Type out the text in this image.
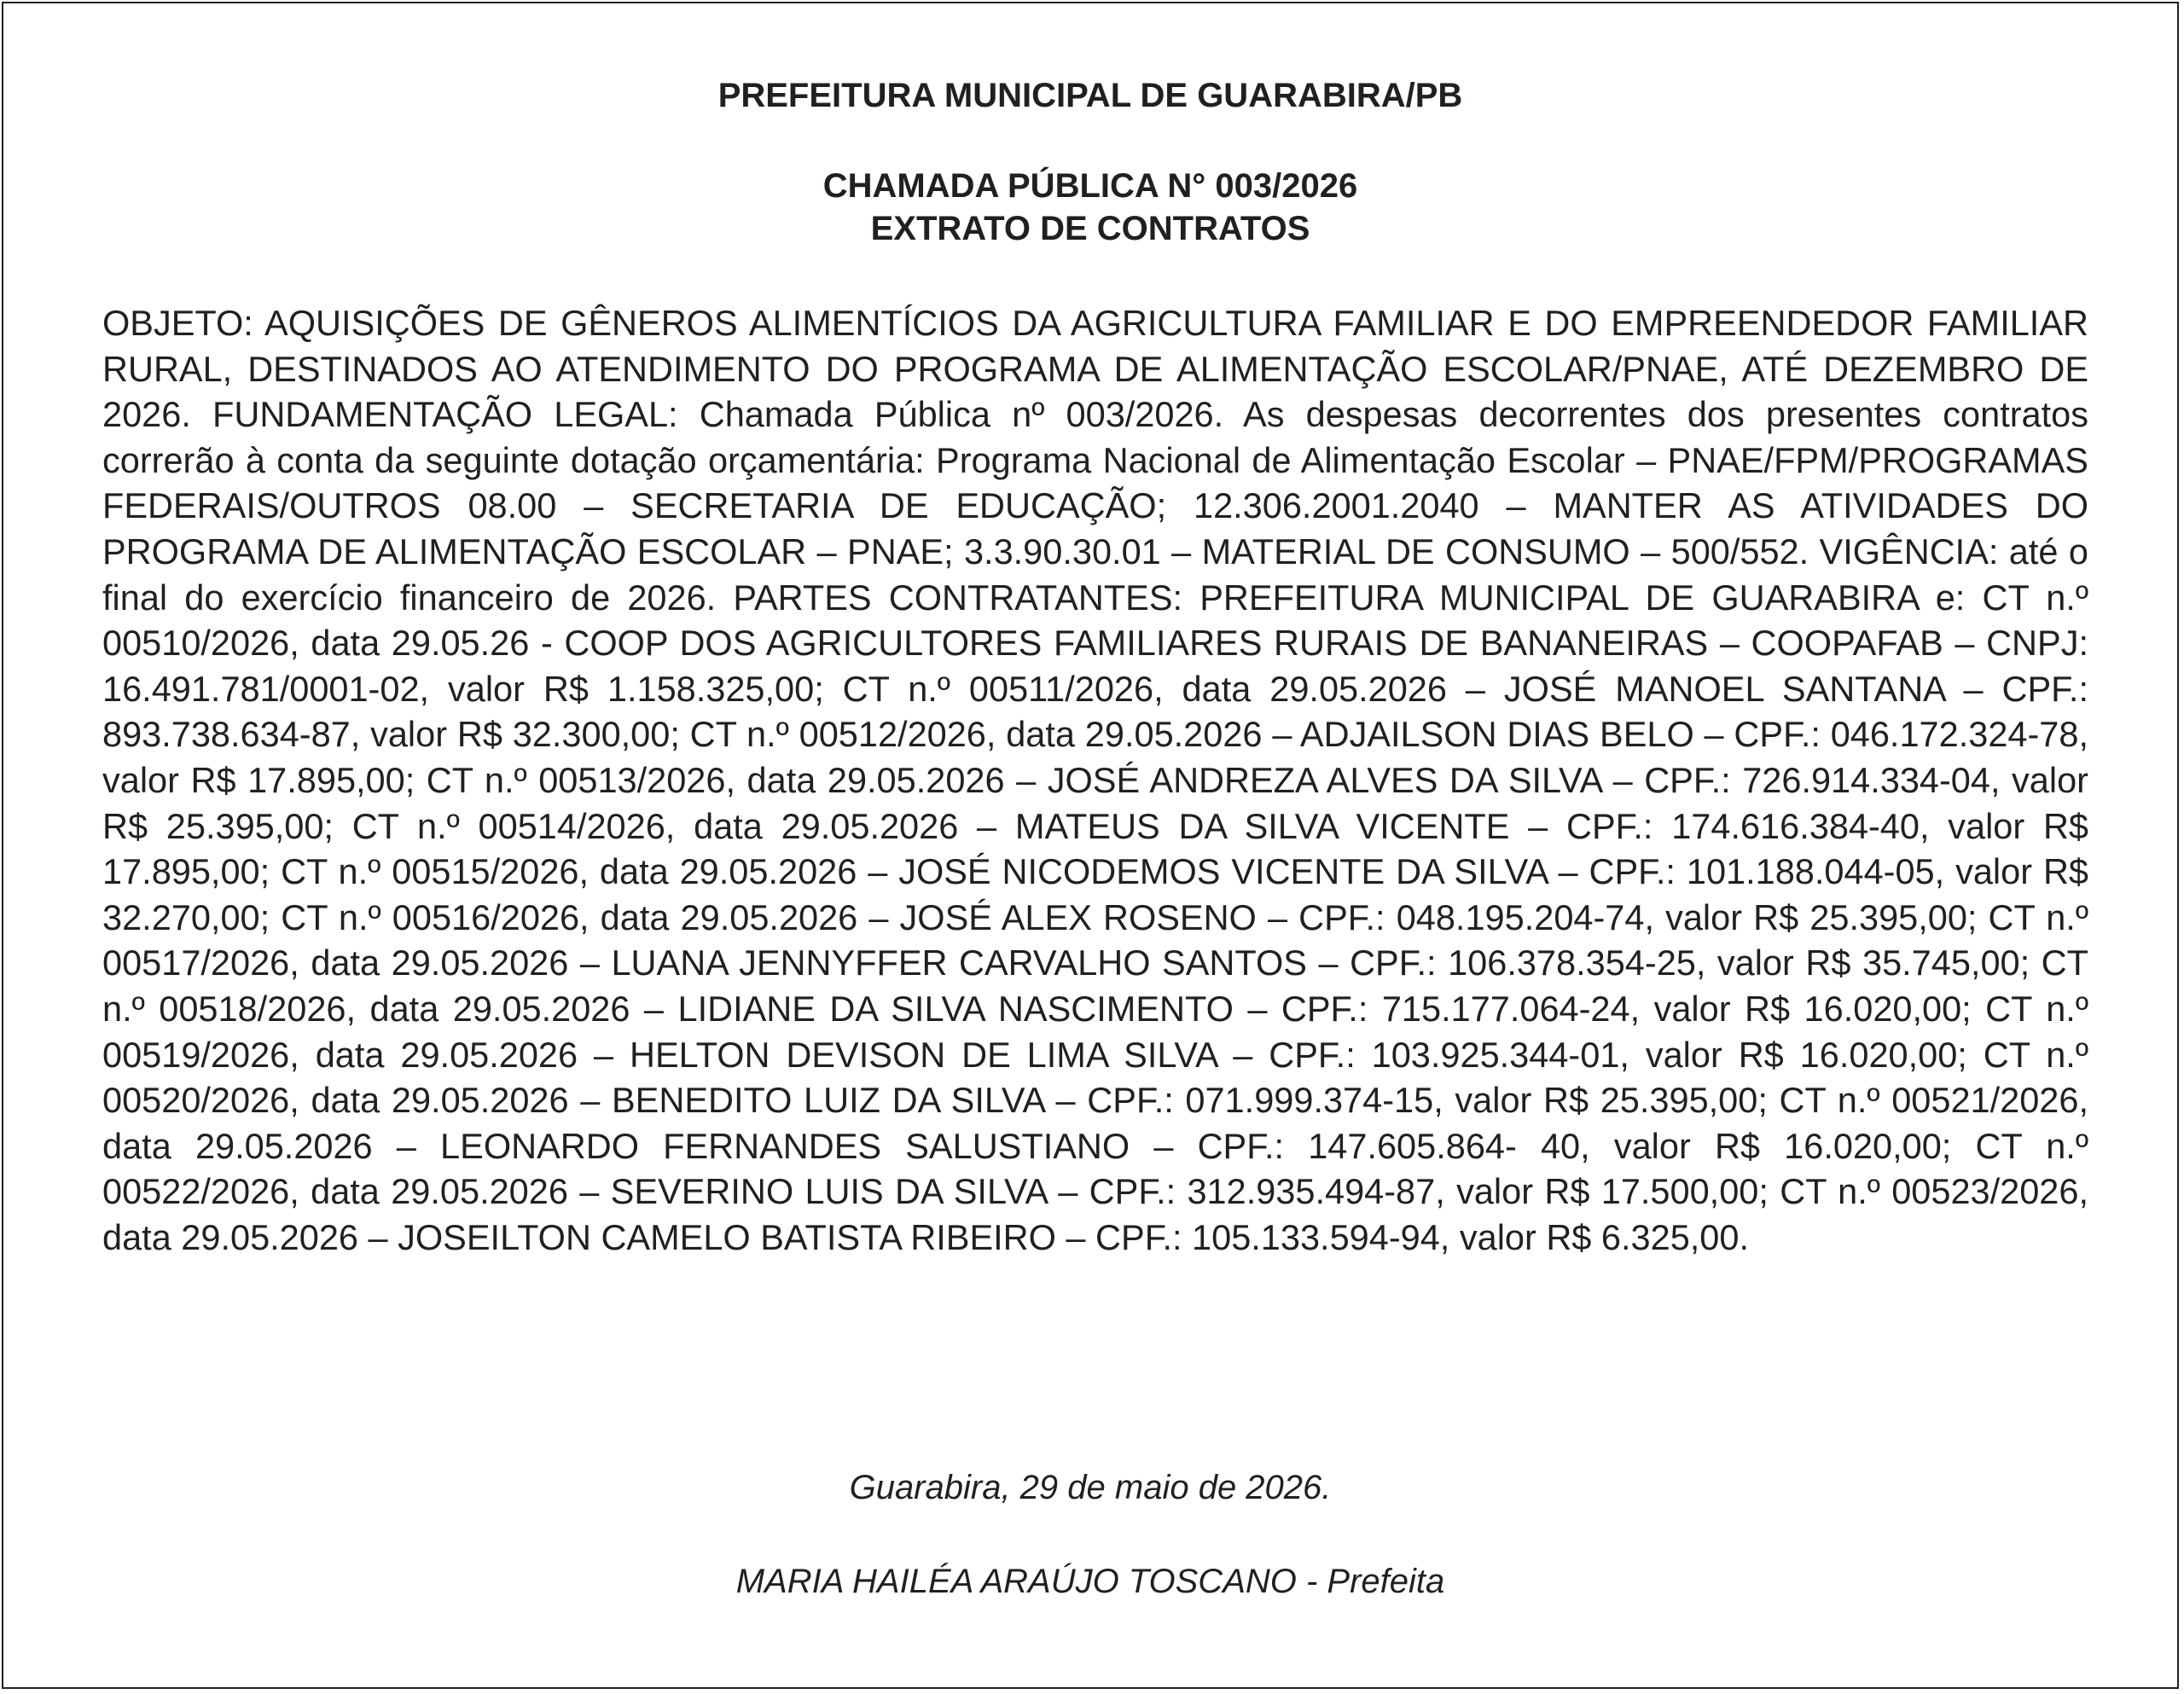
PREFEITURA MUNICIPAL DE GUARABIRA/PB
CHAMADA PÚBLICA N° 003/2026
EXTRATO DE CONTRATOS

OBJETO: AQUISIÇÕES DE GÊNEROS ALIMENTÍCIOS DA AGRICULTURA FAMILIAR E DO EMPREENDEDOR FAMILIAR RURAL, DESTINADOS AO ATENDIMENTO DO PROGRAMA DE ALIMENTAÇÃO ESCOLAR/PNAE, ATÉ DEZEMBRO DE 2026. FUNDAMENTAÇÃO LEGAL: Chamada Pública nº 003/2026. As despesas decorrentes dos presentes contratos correrão à conta da seguinte dotação orçamentária: Programa Nacional de Alimentação Escolar – PNAE/FPM/PROGRAMAS FEDERAIS/OUTROS 08.00 – SECRETARIA DE EDUCAÇÃO; 12.306.2001.2040 – MANTER AS ATIVIDADES DO PROGRAMA DE ALIMENTAÇÃO ESCOLAR – PNAE; 3.3.90.30.01 – MATERIAL DE CONSUMO – 500/552. VIGÊNCIA: até o final do exercício financeiro de 2026. PARTES CONTRATANTES: PREFEITURA MUNICIPAL DE GUARABIRA e: CT n.º 00510/2026, data 29.05.26 - COOP DOS AGRICULTORES FAMILIARES RURAIS DE BANANEIRAS – COOPAFAB – CNPJ: 16.491.781/0001-02, valor R$ 1.158.325,00; CT n.º 00511/2026, data 29.05.2026 – JOSÉ MANOEL SANTANA – CPF.: 893.738.634-87, valor R$ 32.300,00; CT n.º 00512/2026, data 29.05.2026 – ADJAILSON DIAS BELO – CPF.: 046.172.324-78, valor R$ 17.895,00; CT n.º 00513/2026, data 29.05.2026 – JOSÉ ANDREZA ALVES DA SILVA – CPF.: 726.914.334-04, valor R$ 25.395,00; CT n.º 00514/2026, data 29.05.2026 – MATEUS DA SILVA VICENTE – CPF.: 174.616.384-40, valor R$ 17.895,00; CT n.º 00515/2026, data 29.05.2026 – JOSÉ NICODEMOS VICENTE DA SILVA – CPF.: 101.188.044-05, valor R$ 32.270,00; CT n.º 00516/2026, data 29.05.2026 – JOSÉ ALEX ROSENO – CPF.: 048.195.204-74, valor R$ 25.395,00; CT n.º 00517/2026, data 29.05.2026 – LUANA JENNYFFER CARVALHO SANTOS – CPF.: 106.378.354-25, valor R$ 35.745,00; CT n.º 00518/2026, data 29.05.2026 – LIDIANE DA SILVA NASCIMENTO – CPF.: 715.177.064-24, valor R$ 16.020,00; CT n.º 00519/2026, data 29.05.2026 – HELTON DEVISON DE LIMA SILVA – CPF.: 103.925.344-01, valor R$ 16.020,00; CT n.º 00520/2026, data 29.05.2026 – BENEDITO LUIZ DA SILVA – CPF.: 071.999.374-15, valor R$ 25.395,00; CT n.º 00521/2026, data 29.05.2026 – LEONARDO FERNANDES SALUSTIANO – CPF.: 147.605.864- 40, valor R$ 16.020,00; CT n.º 00522/2026, data 29.05.2026 – SEVERINO LUIS DA SILVA – CPF.: 312.935.494-87, valor R$ 17.500,00; CT n.º 00523/2026, data 29.05.2026 – JOSEILTON CAMELO BATISTA RIBEIRO – CPF.: 105.133.594-94, valor R$ 6.325,00.

Guarabira, 29 de maio de 2026.

MARIA HAILÉA ARAÚJO TOSCANO - Prefeita
